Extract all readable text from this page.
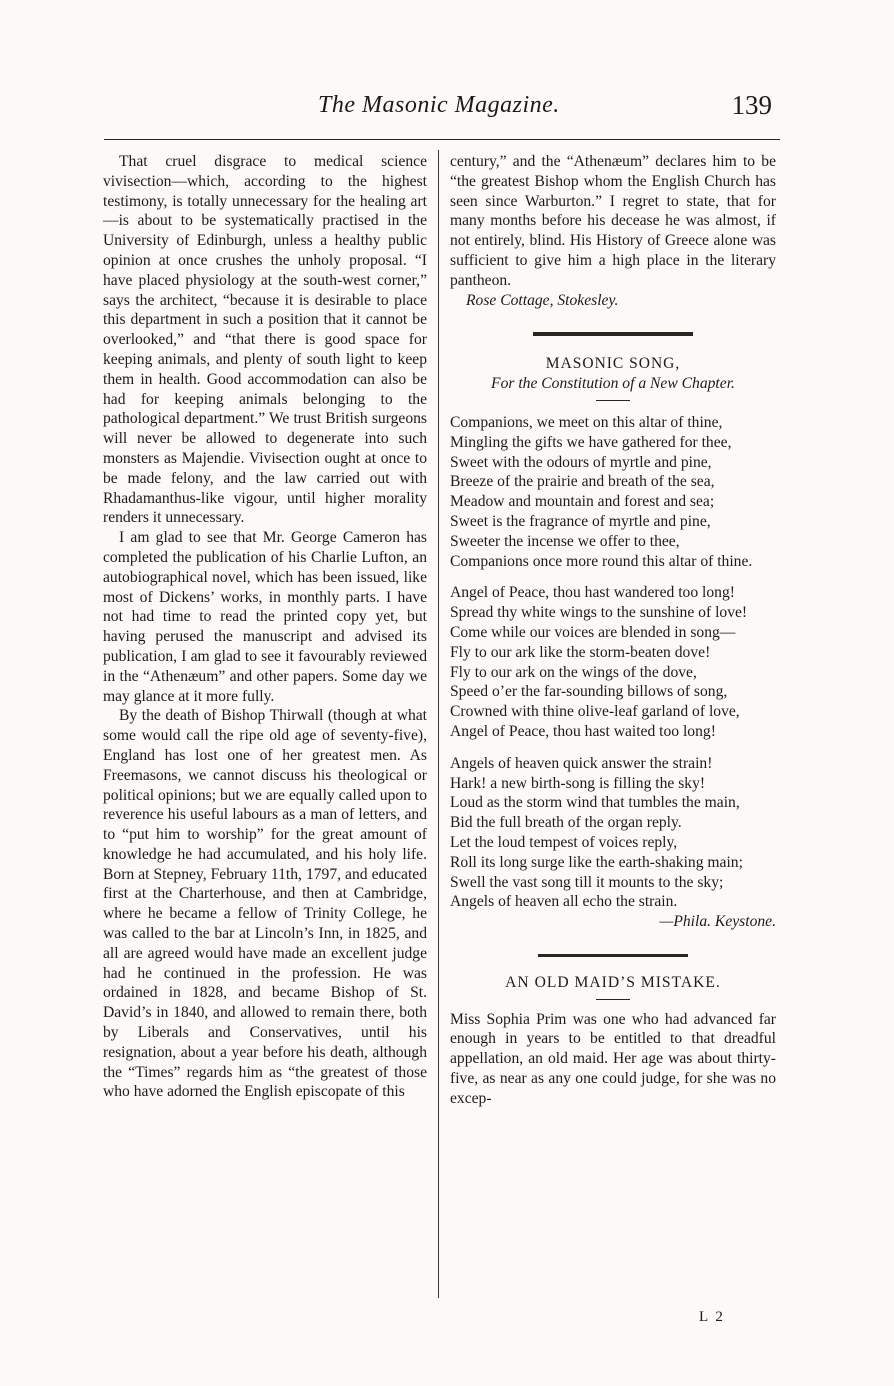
The Masonic Magazine.	139

That cruel disgrace to medical science vivisection—which, according to the highest testimony, is totally unnecessary for the healing art—is about to be systematically practised in the University of Edinburgh, unless a healthy public opinion at once crushes the unholy proposal. “I have placed physiology at the south-west corner,” says the architect, “because it is desirable to place this department in such a position that it cannot be overlooked,” and “that there is good space for keeping animals, and plenty of south light to keep them in health. Good accommodation can also be had for keeping animals belonging to the pathological department.” We trust British surgeons will never be allowed to degenerate into such monsters as Majendie. Vivisection ought at once to be made felony, and the law carried out with Rhadamanthus-like vigour, until higher morality renders it unnecessary.

I am glad to see that Mr. George Cameron has completed the publication of his Charlie Lufton, an autobiographical novel, which has been issued, like most of Dickens’ works, in monthly parts. I have not had time to read the printed copy yet, but having perused the manuscript and advised its publication, I am glad to see it favourably reviewed in the “Athenæum” and other papers. Some day we may glance at it more fully.

By the death of Bishop Thirwall (though at what some would call the ripe old age of seventy-five), England has lost one of her greatest men. As Freemasons, we cannot discuss his theological or political opinions; but we are equally called upon to reverence his useful labours as a man of letters, and to “put him to worship” for the great amount of knowledge he had accumulated, and his holy life. Born at Stepney, February 11th, 1797, and educated first at the Charterhouse, and then at Cambridge, where he became a fellow of Trinity College, he was called to the bar at Lincoln’s Inn, in 1825, and all are agreed would have made an excellent judge had he continued in the profession. He was ordained in 1828, and became Bishop of St. David’s in 1840, and allowed to remain there, both by Liberals and Conservatives, until his resignation, about a year before his death, although the “Times” regards him as “the greatest of those who have adorned the English episcopate of this

century,” and the “Athenæum” declares him to be “the greatest Bishop whom the English Church has seen since Warburton.” I regret to state, that for many months before his decease he was almost, if not entirely, blind. His History of Greece alone was sufficient to give him a high place in the literary pantheon.

Rose Cottage, Stokesley.

MASONIC SONG,

For the Constitution of a New Chapter.

Companions, we meet on this altar of thine,

Mingling the gifts we have gathered for thee,

Sweet with the odours of myrtle and pine,

Breeze of the prairie and breath of the sea,

Meadow and mountain and forest and sea;

Sweet is the fragrance of myrtle and pine,

Sweeter the incense we offer to thee,

Companions once more round this altar of thine.

Angel of Peace, thou hast wandered too long!

Spread thy white wings to the sunshine of love!

Come while our voices are blended in song—

Fly to our ark like the storm-beaten dove!

Fly to our ark on the wings of the dove,

Speed o’er the far-sounding billows of song,

Crowned with thine olive-leaf garland of love,

Angel of Peace, thou hast waited too long!

Angels of heaven quick answer the strain!

Hark! a new birth-song is filling the sky!

Loud as the storm wind that tumbles the main,

Bid the full breath of the organ reply.

Let the loud tempest of voices reply,

Roll its long surge like the earth-shaking main;

Swell the vast song till it mounts to the sky;

Angels of heaven all echo the strain.

—Phila. Keystone.

AN OLD MAID’S MISTAKE.

Miss Sophia Prim was one who had advanced far enough in years to be entitled to that dreadful appellation, an old maid. Her age was about thirty-five, as near as any one could judge, for she was no excep-

L 2
